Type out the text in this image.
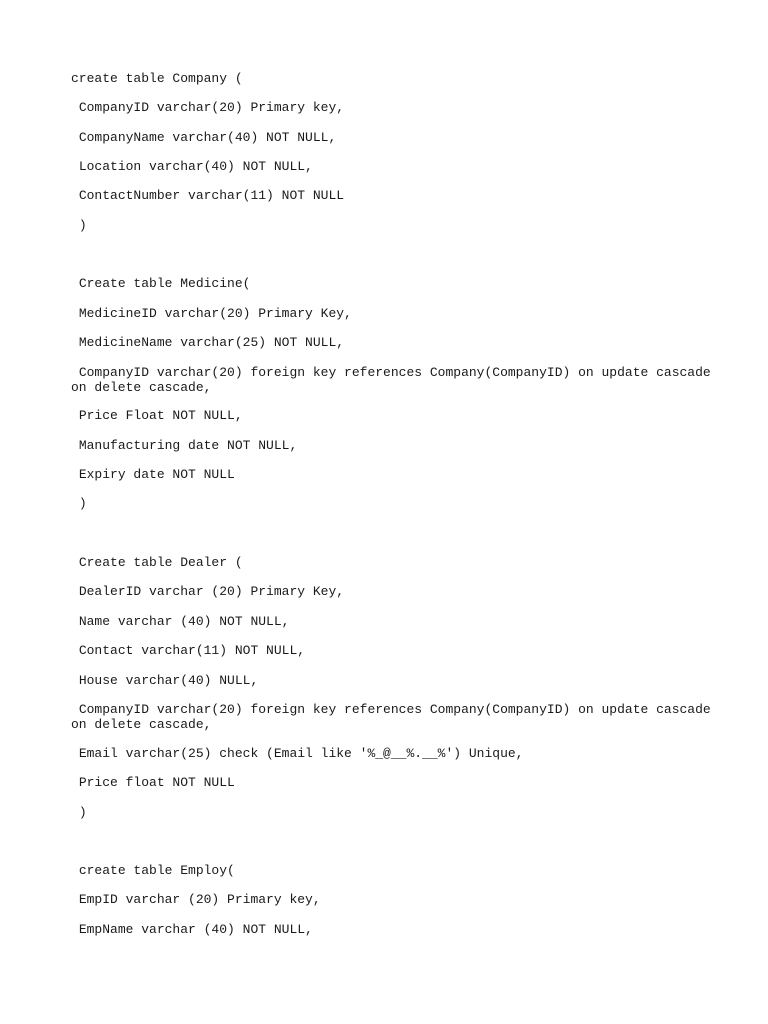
create table Company (

CompanyID varchar(20) Primary key,

CompanyName varchar(40) NOT NULL,

Location varchar(40) NOT NULL,

ContactNumber varchar(11) NOT NULL

)

Create table Medicine(

MedicineID varchar(20) Primary Key,

MedicineName varchar(25) NOT NULL,

CompanyID varchar(20) foreign key references Company(CompanyID) on update cascade on delete cascade,

Price Float NOT NULL,

Manufacturing date NOT NULL,

Expiry date NOT NULL

)

Create table Dealer (

DealerID varchar (20) Primary Key,

Name varchar (40) NOT NULL,

Contact varchar(11) NOT NULL,

House varchar(40) NULL,

CompanyID varchar(20) foreign key references Company(CompanyID) on update cascade on delete cascade,

Email varchar(25) check (Email like '%_@__%.__%') Unique,

Price float NOT NULL

)

create table Employ(

EmpID varchar (20) Primary key,

EmpName varchar (40) NOT NULL,
